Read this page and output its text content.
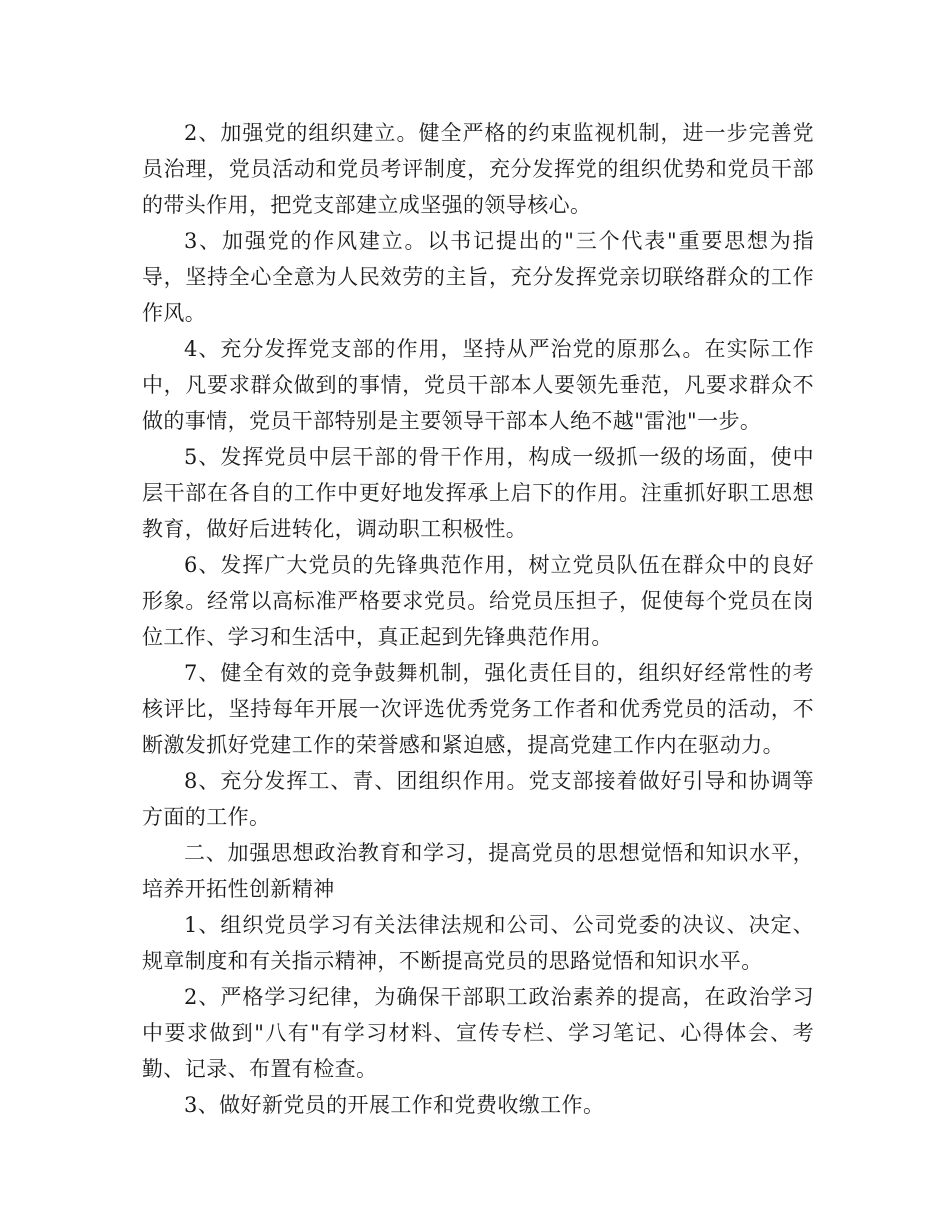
2、加强党的组织建立。健全严格的约束监视机制，进一步完善党员治理，党员活动和党员考评制度，充分发挥党的组织优势和党员干部的带头作用，把党支部建立成坚强的领导核心。

3、加强党的作风建立。以书记提出的"三个代表"重要思想为指导，坚持全心全意为人民效劳的主旨，充分发挥党亲切联络群众的工作作风。

4、充分发挥党支部的作用，坚持从严治党的原那么。在实际工作中，凡要求群众做到的事情，党员干部本人要领先垂范，凡要求群众不做的事情，党员干部特别是主要领导干部本人绝不越"雷池"一步。

5、发挥党员中层干部的骨干作用，构成一级抓一级的场面，使中层干部在各自的工作中更好地发挥承上启下的作用。注重抓好职工思想教育，做好后进转化，调动职工积极性。

6、发挥广大党员的先锋典范作用，树立党员队伍在群众中的良好形象。经常以高标准严格要求党员。给党员压担子，促使每个党员在岗位工作、学习和生活中，真正起到先锋典范作用。

7、健全有效的竞争鼓舞机制，强化责任目的，组织好经常性的考核评比，坚持每年开展一次评选优秀党务工作者和优秀党员的活动，不断激发抓好党建工作的荣誉感和紧迫感，提高党建工作内在驱动力。

8、充分发挥工、青、团组织作用。党支部接着做好引导和协调等方面的工作。

二、加强思想政治教育和学习，提高党员的思想觉悟和知识水平，培养开拓性创新精神

1、组织党员学习有关法律法规和公司、公司党委的决议、决定、规章制度和有关指示精神，不断提高党员的思路觉悟和知识水平。

2、严格学习纪律，为确保干部职工政治素养的提高，在政治学习中要求做到"八有"有学习材料、宣传专栏、学习笔记、心得体会、考勤、记录、布置有检查。

3、做好新党员的开展工作和党费收缴工作。
